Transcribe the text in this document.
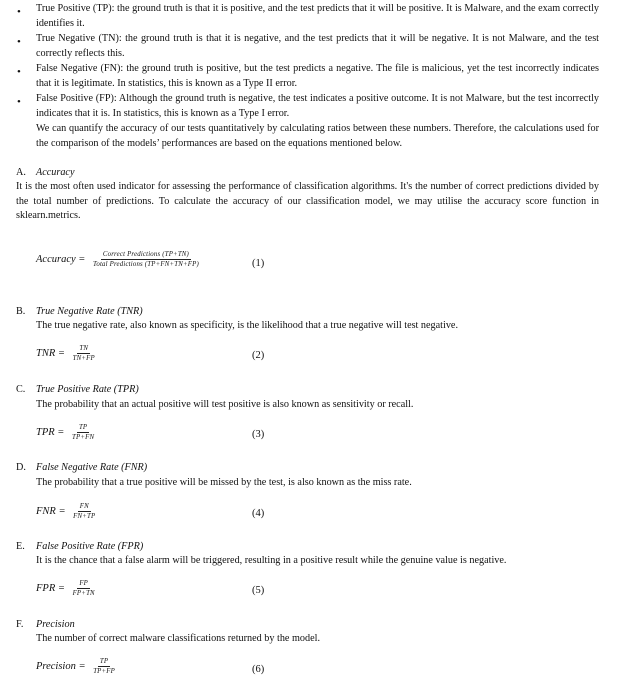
• True Positive (TP): the ground truth is that it is positive, and the test predicts that it will be positive. It is Malware, and the exam correctly identifies it.
• True Negative (TN): the ground truth is that it is negative, and the test predicts that it will be negative. It is not Malware, and the test correctly reflects this.
• False Negative (FN): the ground truth is positive, but the test predicts a negative. The file is malicious, yet the test incorrectly indicates that it is legitimate. In statistics, this is known as a Type II error.
• False Positive (FP): Although the ground truth is negative, the test indicates a positive outcome. It is not Malware, but the test incorrectly indicates that it is. In statistics, this is known as a Type I error.
We can quantify the accuracy of our tests quantitatively by calculating ratios between these numbers. Therefore, the calculations used for the comparison of the models’ performances are based on the equations mentioned below.
A. Accuracy
It is the most often used indicator for assessing the performance of classification algorithms. It's the number of correct predictions divided by the total number of predictions. To calculate the accuracy of our classification model, we may utilise the accuracy score function in sklearn.metrics.
Accuracy = $\frac{\text{Correct Predictions (TP+TN)}}{\text{Total Predictions (TP+FN+TN+FP)}}$	(1)
B. True Negative Rate (TNR)
The true negative rate, also known as specificity, is the likelihood that a true negative will test negative.
TNR = $\frac{TN}{TN+FP}$	(2)
C. True Positive Rate (TPR)
The probability that an actual positive will test positive is also known as sensitivity or recall.
TPR = $\frac{TP}{TP+FN}$	(3)
D. False Negative Rate (FNR)
The probability that a true positive will be missed by the test, is also known as the miss rate.
FNR = $\frac{FN}{FN+TP}$	(4)
E. False Positive Rate (FPR)
It is the chance that a false alarm will be triggered, resulting in a positive result while the genuine value is negative.
FPR = $\frac{FP}{FP+TN}$	(5)
F. Precision
The number of correct malware classifications returned by the model.
Precision = $\frac{TP}{TP+FP}$	(6)
